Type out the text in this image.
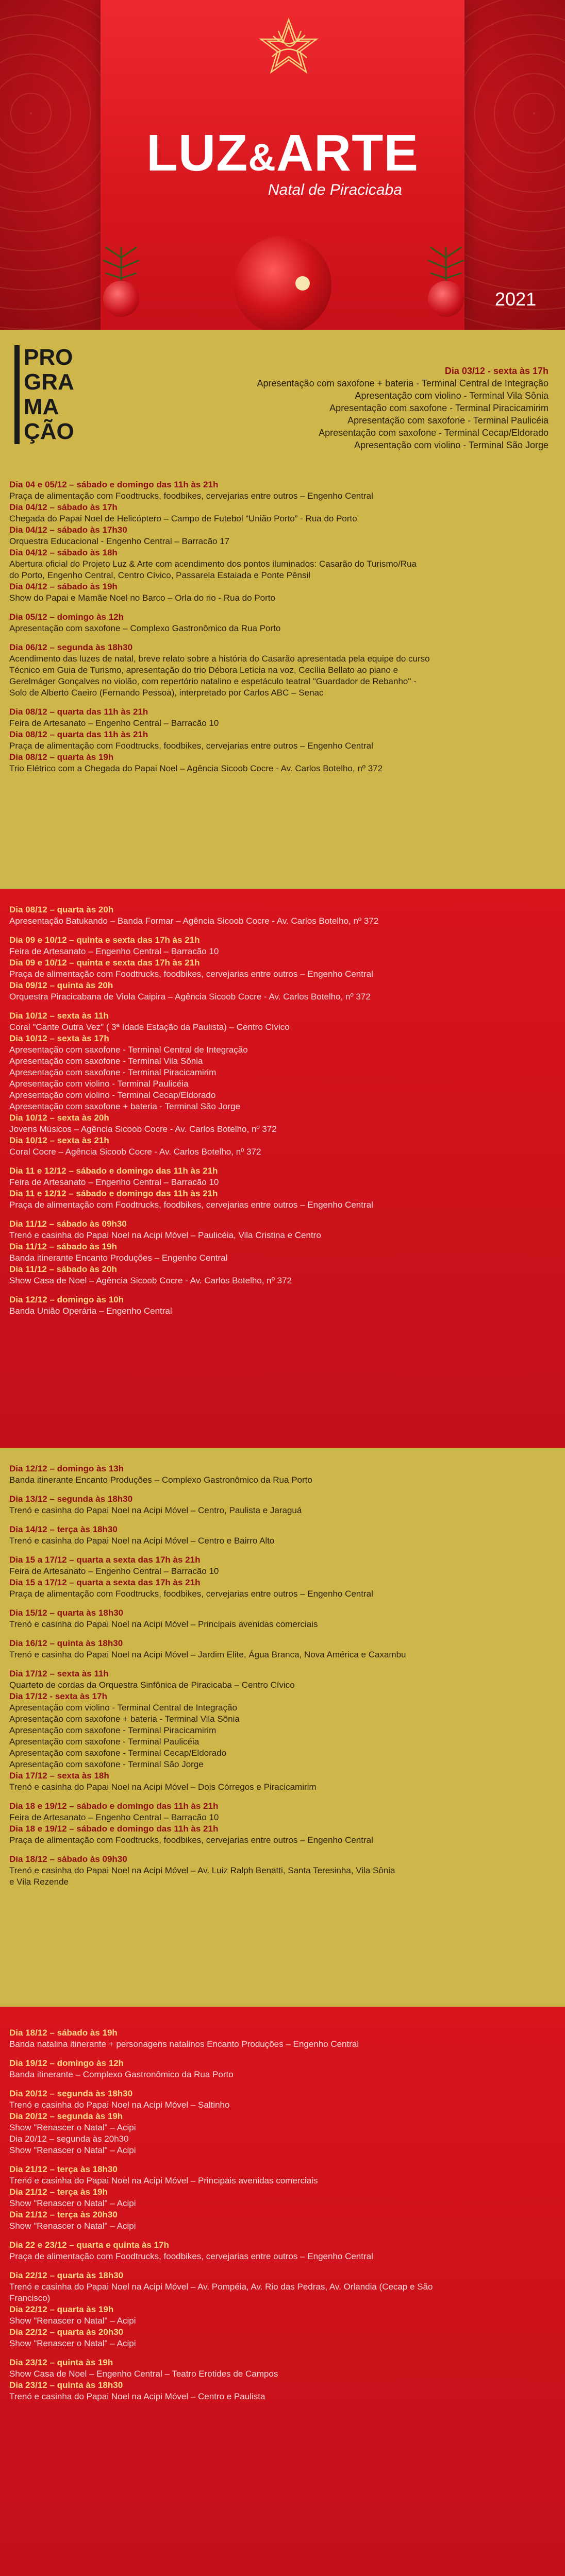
LUZ&ARTE
Natal de Piracicaba
2021
PRO
GRA
MA
ÇÃO
Dia 03/12 - sexta às 17h
Apresentação com saxofone + bateria - Terminal Central de Integração
Apresentação com violino - Terminal Vila Sônia
Apresentação com saxofone - Terminal Piracicamirim
Apresentação com saxofone - Terminal Paulicéia
Apresentação com saxofone - Terminal Cecap/Eldorado
Apresentação com violino - Terminal São Jorge
Dia 04 e 05/12 – sábado e domingo das 11h às 21h
Praça de alimentação com Foodtrucks, foodbikes, cervejarias entre outros – Engenho Central
Dia 04/12 – sábado às 17h
Chegada do Papai Noel de Helicóptero – Campo de Futebol “União Porto” - Rua do Porto
Dia 04/12 – sábado às 17h30
Orquestra Educacional - Engenho Central – Barracão 17
Dia 04/12 – sábado às 18h
Abertura oficial do Projeto Luz & Arte com acendimento dos pontos iluminados: Casarão do Turismo/Rua
do Porto, Engenho Central, Centro Cívico, Passarela Estaiada e Ponte Pênsil
Dia 04/12 – sábado às 19h
Show do Papai e Mamãe Noel no Barco – Orla do rio - Rua do Porto
Dia 05/12 – domingo às 12h
Apresentação com saxofone – Complexo Gastronômico da Rua Porto
Dia 06/12 – segunda às 18h30
Acendimento das luzes de natal, breve relato sobre a história do Casarão apresentada pela equipe do curso
Técnico em Guia de Turismo, apresentação do trio Débora Letícia na voz, Cecília Bellato ao piano e
Gerelmáger Gonçalves no violão, com repertório natalino e espetáculo teatral "Guardador de Rebanho" -
Solo de Alberto Caeiro (Fernando Pessoa), interpretado por Carlos ABC – Senac
Dia 08/12 – quarta das 11h às 21h
Feira de Artesanato – Engenho Central – Barracão 10
Dia 08/12 – quarta das 11h às 21h
Praça de alimentação com Foodtrucks, foodbikes, cervejarias entre outros – Engenho Central
Dia 08/12 – quarta às 19h
Trio Elétrico com a Chegada do Papai Noel – Agência Sicoob Cocre - Av. Carlos Botelho, nº 372
Dia 08/12 – quarta às 20h
Apresentação Batukando – Banda Formar – Agência Sicoob Cocre - Av. Carlos Botelho, nº 372
Dia 09 e 10/12 – quinta e sexta das 17h às 21h
Feira de Artesanato – Engenho Central – Barracão 10
Dia 09 e 10/12 – quinta e sexta das 17h às 21h
Praça de alimentação com Foodtrucks, foodbikes, cervejarias entre outros – Engenho Central
Dia 09/12 – quinta às 20h
Orquestra Piracicabana de Viola Caipira – Agência Sicoob Cocre - Av. Carlos Botelho, nº 372
Dia 10/12 – sexta às 11h
Coral "Cante Outra Vez" ( 3ª Idade Estação da Paulista) – Centro Cívico
Dia 10/12 – sexta às 17h
Apresentação com saxofone - Terminal Central de Integração
Apresentação com saxofone - Terminal Vila Sônia
Apresentação com saxofone - Terminal Piracicamirim
Apresentação com violino - Terminal Paulicéia
Apresentação com violino - Terminal Cecap/Eldorado
Apresentação com saxofone + bateria - Terminal São Jorge
Dia 10/12 – sexta às 20h
Jovens Músicos – Agência Sicoob Cocre - Av. Carlos Botelho, nº 372
Dia 10/12 – sexta às 21h
Coral Cocre – Agência Sicoob Cocre - Av. Carlos Botelho, nº 372
Dia 11 e 12/12 – sábado e domingo das 11h às 21h
Feira de Artesanato – Engenho Central – Barracão 10
Dia 11 e 12/12 – sábado e domingo das 11h às 21h
Praça de alimentação com Foodtrucks, foodbikes, cervejarias entre outros – Engenho Central
Dia 11/12 – sábado às 09h30
Trenó e casinha do Papai Noel na Acipi Móvel – Paulicéia, Vila Cristina e Centro
Dia 11/12 – sábado às 19h
Banda itinerante Encanto Produções – Engenho Central
Dia 11/12 – sábado às 20h
Show Casa de Noel – Agência Sicoob Cocre - Av. Carlos Botelho, nº 372
Dia 12/12 – domingo às 10h
Banda União Operária – Engenho Central
Dia 12/12 – domingo às 13h
Banda itinerante Encanto Produções – Complexo Gastronômico da Rua Porto
Dia 13/12 – segunda às 18h30
Trenó e casinha do Papai Noel na Acipi Móvel – Centro, Paulista e Jaraguá
Dia 14/12 – terça às 18h30
Trenó e casinha do Papai Noel na Acipi Móvel – Centro e Bairro Alto
Dia 15 a 17/12 – quarta a sexta das 17h às 21h
Feira de Artesanato – Engenho Central – Barracão 10
Dia 15 a 17/12 – quarta a sexta das 17h às 21h
Praça de alimentação com Foodtrucks, foodbikes, cervejarias entre outros – Engenho Central
Dia 15/12 – quarta às 18h30
Trenó e casinha do Papai Noel na Acipi Móvel – Principais avenidas comerciais
Dia 16/12 – quinta às 18h30
Trenó e casinha do Papai Noel na Acipi Móvel – Jardim Elite, Água Branca, Nova América e Caxambu
Dia 17/12 – sexta às 11h
Quarteto de cordas da Orquestra Sinfônica de Piracicaba – Centro Cívico
Dia 17/12 - sexta às 17h
Apresentação com violino - Terminal Central de Integração
Apresentação com saxofone + bateria - Terminal Vila Sônia
Apresentação com saxofone - Terminal Piracicamirim
Apresentação com saxofone - Terminal Paulicéia
Apresentação com saxofone - Terminal Cecap/Eldorado
Apresentação com saxofone - Terminal São Jorge
Dia 17/12 – sexta às 18h
Trenó e casinha do Papai Noel na Acipi Móvel – Dois Córregos e Piracicamirim
Dia 18 e 19/12 – sábado e domingo das 11h às 21h
Feira de Artesanato – Engenho Central – Barracão 10
Dia 18 e 19/12 – sábado e domingo das 11h às 21h
Praça de alimentação com Foodtrucks, foodbikes, cervejarias entre outros – Engenho Central
Dia 18/12 – sábado às 09h30
Trenó e casinha do Papai Noel na Acipi Móvel – Av. Luiz Ralph Benatti, Santa Teresinha, Vila Sônia
e Vila Rezende
Dia 18/12 – sábado às 19h
Banda natalina itinerante + personagens natalinos Encanto Produções – Engenho Central
Dia 19/12 – domingo às 12h
Banda itinerante – Complexo Gastronômico da Rua Porto
Dia 20/12 – segunda às 18h30
Trenó e casinha do Papai Noel na Acipi Móvel – Saltinho
Dia 20/12 – segunda às 19h
Show "Renascer o Natal" – Acipi
Dia 20/12 – segunda às 20h30
Show "Renascer o Natal" – Acipi
Dia 21/12 – terça às 18h30
Trenó e casinha do Papai Noel na Acipi Móvel – Principais avenidas comerciais
Dia 21/12 – terça às 19h
Show "Renascer o Natal" – Acipi
Dia 21/12 – terça às 20h30
Show "Renascer o Natal" – Acipi
Dia 22 e 23/12 – quarta e quinta às 17h
Praça de alimentação com Foodtrucks, foodbikes, cervejarias entre outros – Engenho Central
Dia 22/12 – quarta às 18h30
Trenó e casinha do Papai Noel na Acipi Móvel – Av. Pompéia, Av. Rio das Pedras, Av. Orlandia (Cecap e São
Francisco)
Dia 22/12 – quarta às 19h
Show "Renascer o Natal" – Acipi
Dia 22/12 – quarta às 20h30
Show "Renascer o Natal" – Acipi
Dia 23/12 – quinta às 19h
Show Casa de Noel – Engenho Central – Teatro Erotides de Campos
Dia 23/12 – quinta às 18h30
Trenó e casinha do Papai Noel na Acipi Móvel – Centro e Paulista
